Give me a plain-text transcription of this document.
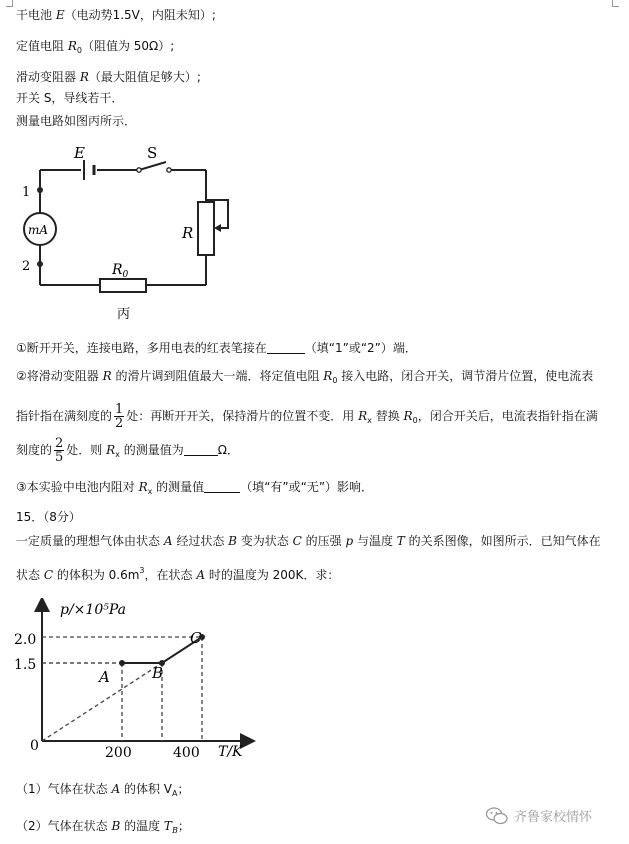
干电池 E（电动势1.5V，内阻未知）;
定值电阻 $R_0$（阻值为 50Ω）;
滑动变阻器 R（最大阻值足够大）;
开关 S，导线若干．
测量电路如图丙所示．
E	S
1
2
mA	R
$R_0$
丙
①断开开关，连接电路，多用电表的红表笔接在	（填“1”或“2”）端．
②将滑动变阻器 R 的滑片调到阻值最大一端．将定值电阻 $R_0$ 接入电路，闭合开关，调节滑片位置，使电流表
指针指在满刻度的 $\frac{1}{2}$ 处：再断开开关，保持滑片的位置不变．用 $R_x$ 替换 $R_0$，闭合开关后，电流表指针指在满
刻度的 $\frac{2}{5}$ 处．则 $R_x$ 的测量值为	Ω．
③本实验中电池内阻对 $R_x$ 的测量值	（填“有”或“无”）影响．
15．（8分）
一定质量的理想气体由状态 A 经过状态 B 变为状态 C 的压强 p 与温度 T 的关系图像，如图所示．已知气体在
状态 C 的体积为 $0.6m^3$，在状态 A 时的温度为 200K．求：
p/×10⁵Pa
T/K
0
2.0
1.5
200	400
A	B
C
（1）气体在状态 A 的体积 $V_A$；
（2）气体在状态 B 的温度 $T_B$；
齐鲁家校情怀
